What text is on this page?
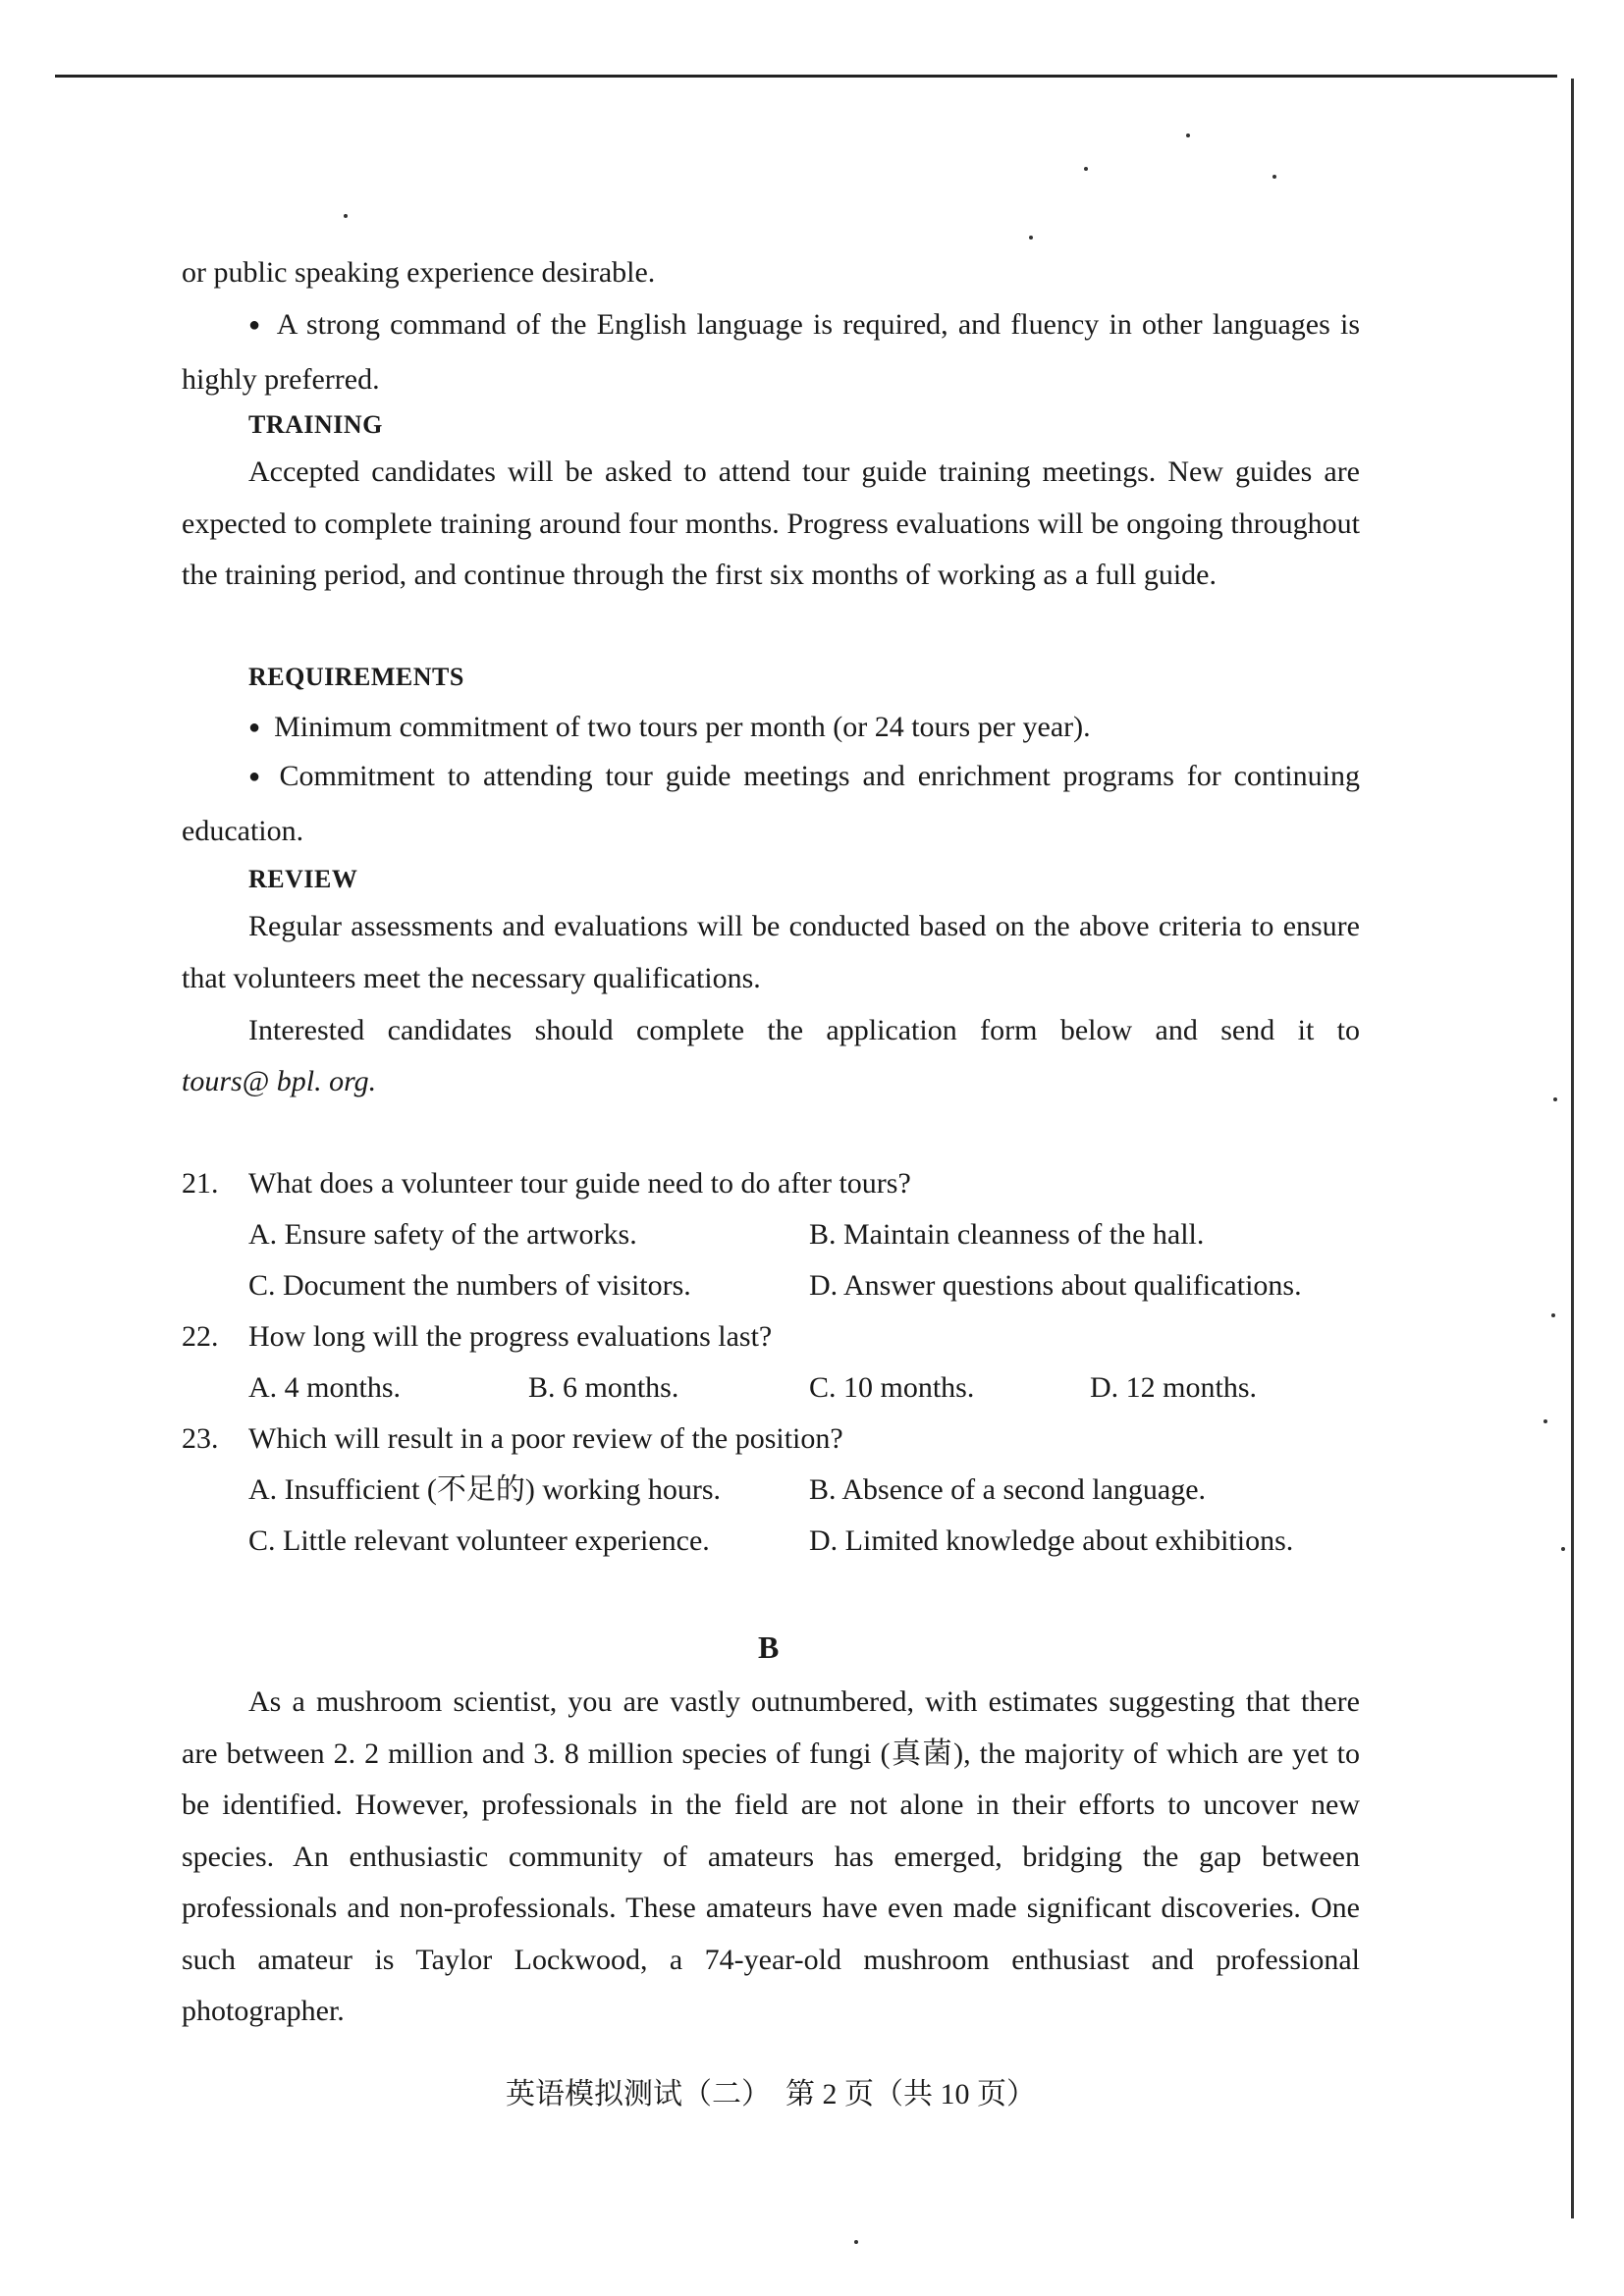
or public speaking experience desirable.
● A strong command of the English language is required, and fluency in other languages is highly preferred.
TRAINING
Accepted candidates will be asked to attend tour guide training meetings. New guides are expected to complete training around four months. Progress evaluations will be ongoing throughout the training period, and continue through the first six months of working as a full guide.
REQUIREMENTS
● Minimum commitment of two tours per month (or 24 tours per year).
● Commitment to attending tour guide meetings and enrichment programs for continuing education.
REVIEW
Regular assessments and evaluations will be conducted based on the above criteria to ensure that volunteers meet the necessary qualifications.
Interested candidates should complete the application form below and send it to
tours@ bpl. org.
21. What does a volunteer tour guide need to do after tours?
A. Ensure safety of the artworks.	B. Maintain cleanness of the hall.
C. Document the numbers of visitors.	D. Answer questions about qualifications.
22. How long will the progress evaluations last?
A. 4 months.	B. 6 months.	C. 10 months.	D. 12 months.
23. Which will result in a poor review of the position?
A. Insufficient (不足的) working hours.	B. Absence of a second language.
C. Little relevant volunteer experience.	D. Limited knowledge about exhibitions.
B
As a mushroom scientist, you are vastly outnumbered, with estimates suggesting that there are between 2. 2 million and 3. 8 million species of fungi (真菌), the majority of which are yet to be identified. However, professionals in the field are not alone in their efforts to uncover new species. An enthusiastic community of amateurs has emerged, bridging the gap between professionals and non-professionals. These amateurs have even made significant discoveries. One such amateur is Taylor Lockwood, a 74-year-old mushroom enthusiast and professional photographer.
英语模拟测试（二）　第 2 页（共 10 页）
